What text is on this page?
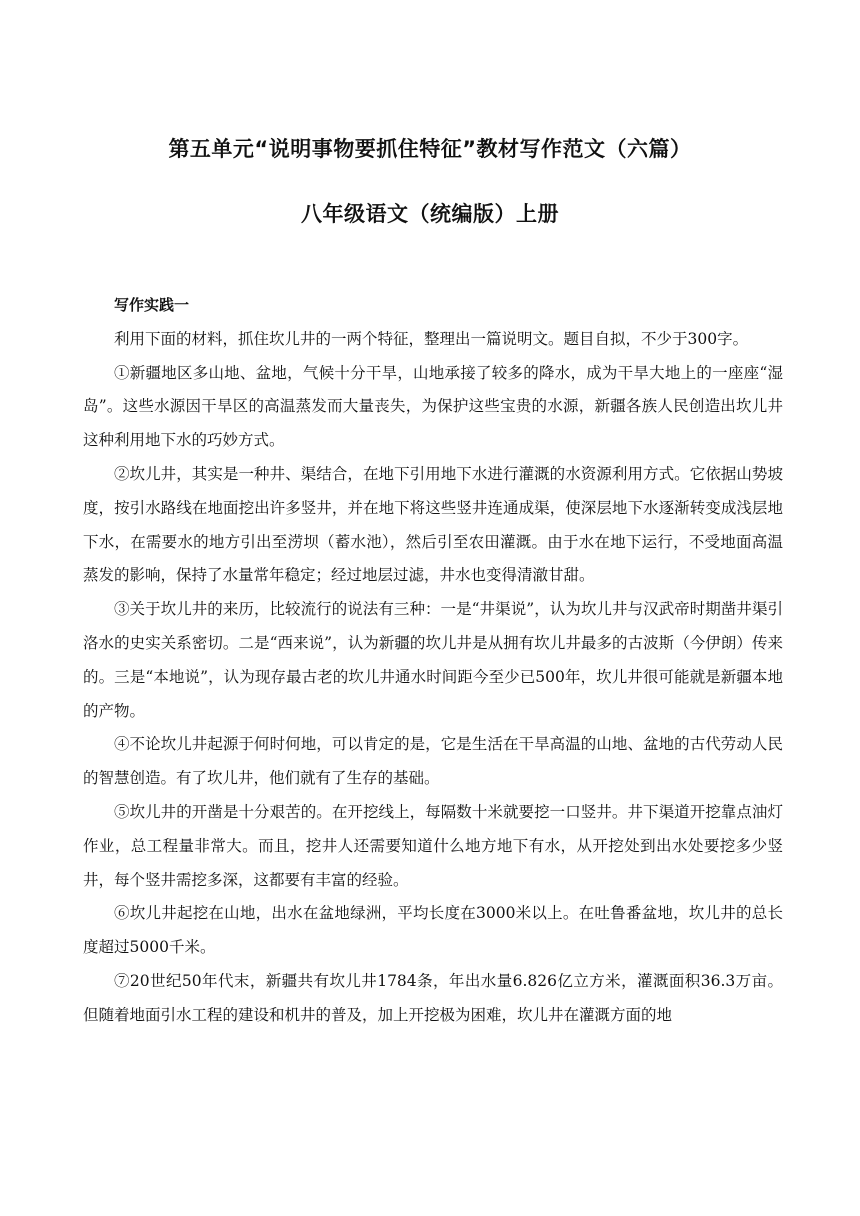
第五单元“说明事物要抓住特征”教材写作范文（六篇）
八年级语文（统编版）上册
写作实践一

利用下面的材料，抓住坎儿井的一两个特征，整理出一篇说明文。题目自拟，不少于300字。

①新疆地区多山地、盆地，气候十分干旱，山地承接了较多的降水，成为干旱大地上的一座座“湿岛”。这些水源因干旱区的高温蒸发而大量丧失，为保护这些宝贵的水源，新疆各族人民创造出坎儿井这种利用地下水的巧妙方式。

②坎儿井，其实是一种井、渠结合，在地下引用地下水进行灌溉的水资源利用方式。它依据山势坡度，按引水路线在地面挖出许多竖井，并在地下将这些竖井连通成渠，使深层地下水逐渐转变成浅层地下水，在需要水的地方引出至涝坝（蓄水池），然后引至农田灌溉。由于水在地下运行，不受地面高温蒸发的影响，保持了水量常年稳定；经过地层过滤，井水也变得清澈甘甜。

③关于坎儿井的来历，比较流行的说法有三种：一是“井渠说”，认为坎儿井与汉武帝时期凿井渠引洛水的史实关系密切。二是“西来说”，认为新疆的坎儿井是从拥有坎儿井最多的古波斯（今伊朗）传来的。三是“本地说”，认为现存最古老的坎儿井通水时间距今至少已500年，坎儿井很可能就是新疆本地的产物。

④不论坎儿井起源于何时何地，可以肯定的是，它是生活在干旱高温的山地、盆地的古代劳动人民的智慧创造。有了坎儿井，他们就有了生存的基础。

⑤坎儿井的开凿是十分艰苦的。在开挖线上，每隔数十米就要挖一口竖井。井下渠道开挖靠点油灯作业，总工程量非常大。而且，挖井人还需要知道什么地方地下有水，从开挖处到出水处要挖多少竖井，每个竖井需挖多深，这都要有丰富的经验。

⑥坎儿井起挖在山地，出水在盆地绿洲，平均长度在3000米以上。在吐鲁番盆地，坎儿井的总长度超过5000千米。

⑦20世纪50年代末，新疆共有坎儿井1784条，年出水量6.826亿立方米，灌溉面积36.3万亩。但随着地面引水工程的建设和机井的普及，加上开挖极为困难，坎儿井在灌溉方面的地
